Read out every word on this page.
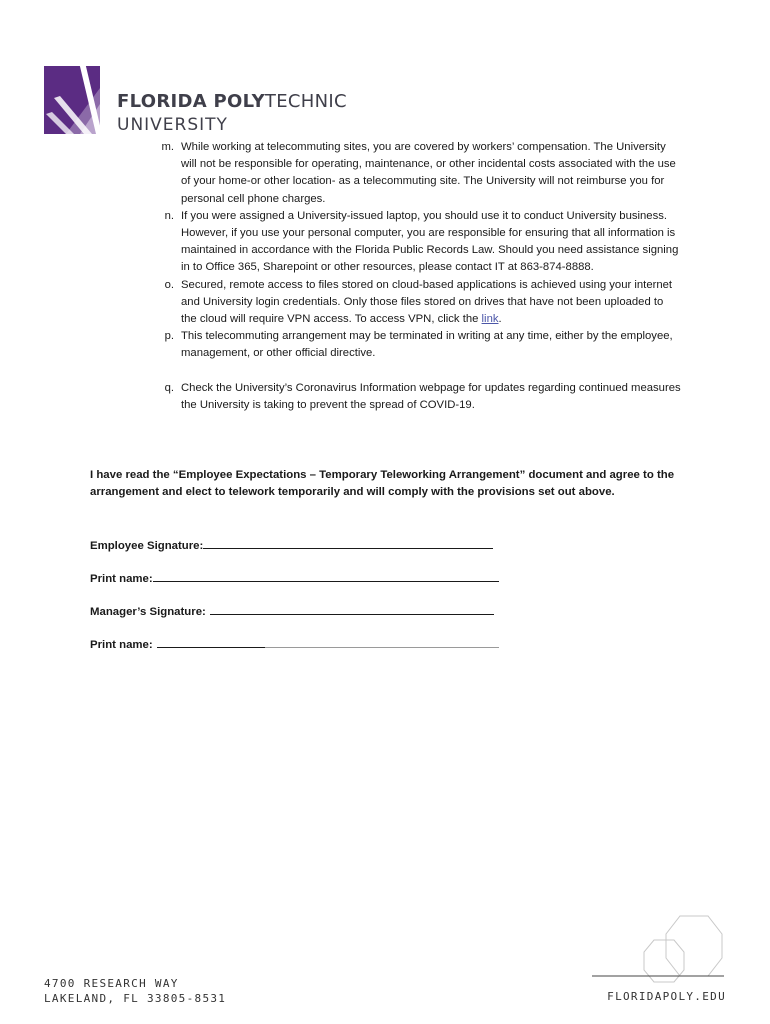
FLORIDA POLYTECHNIC
UNIVERSITY
m. While working at telecommuting sites, you are covered by workers’ compensation. The University will not be responsible for operating, maintenance, or other incidental costs associated with the use of your home-or other location- as a telecommuting site. The University will not reimburse you for personal cell phone charges.
n. If you were assigned a University-issued laptop, you should use it to conduct University business. However, if you use your personal computer, you are responsible for ensuring that all information is maintained in accordance with the Florida Public Records Law. Should you need assistance signing in to Office 365, Sharepoint or other resources, please contact IT at 863-874-8888.
o. Secured, remote access to files stored on cloud-based applications is achieved using your internet and University login credentials. Only those files stored on drives that have not been uploaded to the cloud will require VPN access. To access VPN, click the link.
p. This telecommuting arrangement may be terminated in writing at any time, either by the employee, management, or other official directive.
q. Check the University’s Coronavirus Information webpage for updates regarding continued measures the University is taking to prevent the spread of COVID-19.
I have read the “Employee Expectations – Temporary Teleworking Arrangement” document and agree to the arrangement and elect to telework temporarily and will comply with the provisions set out above.
Employee Signature:
Print name:
Manager’s Signature:
Print name:
4700 RESEARCH WAY
LAKELAND, FL 33805-8531	FLORIDAPOLY.EDU
